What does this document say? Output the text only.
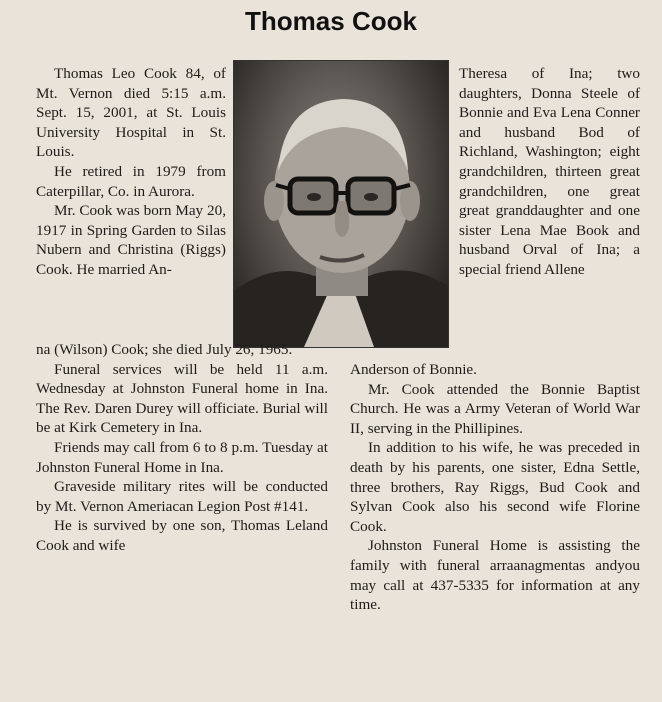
Thomas Cook

Thomas Leo Cook 84, of Mt. Vernon died 5:15 a.m. Sept. 15, 2001, at St. Louis University Hospital in St. Louis.

He retired in 1979 from Caterpillar, Co. in Aurora.

Mr. Cook was born May 20, 1917 in Spring Garden to Silas Nubern and Christina (Riggs) Cook. He married An-

na (Wilson) Cook; she died July 26, 1965.

Funeral services will be held 11 a.m. Wednesday at Johnston Funeral home in Ina. The Rev. Daren Durey will officiate. Burial will be at Kirk Cemetery in Ina.

Friends may call from 6 to 8 p.m. Tuesday at Johnston Funeral Home in Ina.

Graveside military rites will be conducted by Mt. Vernon Ameriacan Legion Post #141.

He is survived by one son, Thomas Leland Cook and wife

Theresa of Ina; two daughters, Donna Steele of Bonnie and Eva Lena Conner and husband Bod of Richland, Washington; eight grandchildren, thirteen great grandchildren, one great great granddaughter and one sister Lena Mae Book and husband Orval of Ina; a special friend Allene

Anderson of Bonnie.

Mr. Cook attended the Bonnie Baptist Church. He was a Army Veteran of World War II, serving in the Phillipines.

In addition to his wife, he was preceded in death by his parents, one sister, Edna Settle, three brothers, Ray Riggs, Bud Cook and Sylvan Cook also his second wife Florine Cook.

Johnston Funeral Home is assisting the family with funeral arraanagmentas andyou may call at 437-5335 for information at any time.
